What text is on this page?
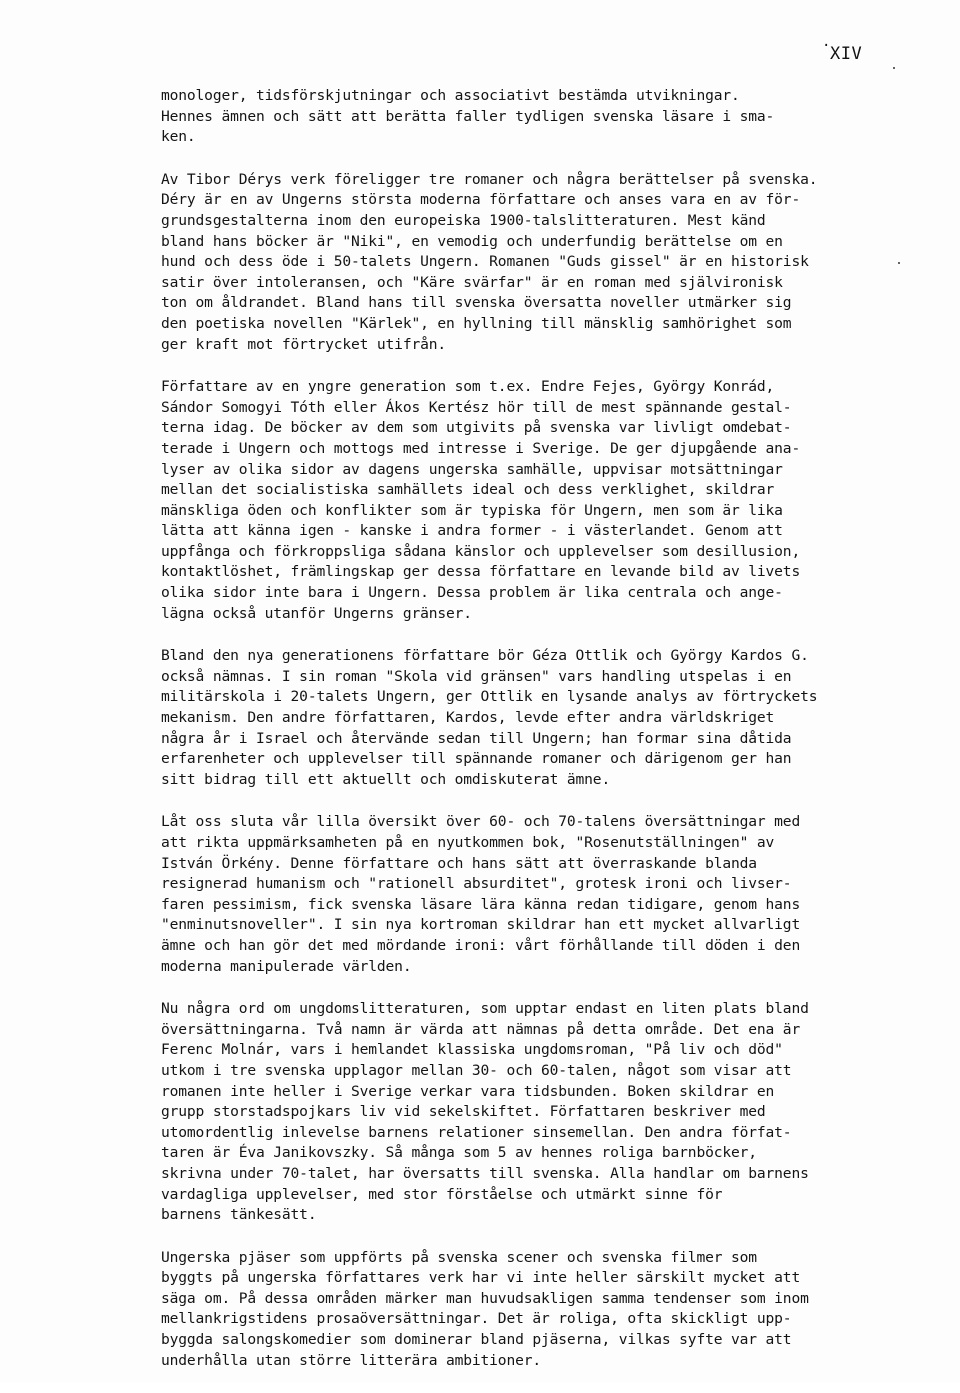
· XIV
monologer, tidsförskjutningar och associativt bestämda utvikningar.
Hennes ämnen och sätt att berätta faller tydligen svenska läsare i sma-
ken.
Av Tibor Dérys verk föreligger tre romaner och några berättelser på svenska.
Déry är en av Ungerns största moderna författare och anses vara en av för-
grundsgestalterna inom den europeiska 1900-talslitteraturen. Mest känd
bland hans böcker är "Niki", en vemodig och underfundig berättelse om en
hund och dess öde i 50-talets Ungern. Romanen "Guds gissel" är en historisk
satir över intoleransen, och "Käre svärfar" är en roman med självironisk
ton om åldrandet. Bland hans till svenska översatta noveller utmärker sig
den poetiska novellen "Kärlek", en hyllning till mänsklig samhörighet som
ger kraft mot förtrycket utifrån.
Författare av en yngre generation som t.ex. Endre Fejes, György Konrád,
Sándor Somogyi Tóth eller Ákos Kertész hör till de mest spännande gestal-
terna idag. De böcker av dem som utgivits på svenska var livligt omdebat-
terade i Ungern och mottogs med intresse i Sverige. De ger djupgående ana-
lyser av olika sidor av dagens ungerska samhälle, uppvisar motsättningar
mellan det socialistiska samhällets ideal och dess verklighet, skildrar
mänskliga öden och konflikter som är typiska för Ungern, men som är lika
lätta att känna igen - kanske i andra former - i västerlandet. Genom att
uppfånga och förkroppsliga sådana känslor och upplevelser som desillusion,
kontaktlöshet, främlingskap ger dessa författare en levande bild av livets
olika sidor inte bara i Ungern. Dessa problem är lika centrala och ange-
lägna också utanför Ungerns gränser.
Bland den nya generationens författare bör Géza Ottlik och György Kardos G.
också nämnas. I sin roman "Skola vid gränsen" vars handling utspelas i en
militärskola i 20-talets Ungern, ger Ottlik en lysande analys av förtryckets
mekanism. Den andre författaren, Kardos, levde efter andra världskriget
några år i Israel och återvände sedan till Ungern; han formar sina dåtida
erfarenheter och upplevelser till spännande romaner och därigenom ger han
sitt bidrag till ett aktuellt och omdiskuterat ämne.
Låt oss sluta vår lilla översikt över 60- och 70-talens översättningar med
att rikta uppmärksamheten på en nyutkommen bok, "Rosenutställningen" av
István Örkény. Denne författare och hans sätt att överraskande blanda
resignerad humanism och "rationell absurditet", grotesk ironi och livser-
faren pessimism, fick svenska läsare lära känna redan tidigare, genom hans
"enminutsnoveller". I sin nya kortroman skildrar han ett mycket allvarligt
ämne och han gör det med mördande ironi: vårt förhållande till döden i den
moderna manipulerade världen.
Nu några ord om ungdomslitteraturen, som upptar endast en liten plats bland
översättningarna. Två namn är värda att nämnas på detta område. Det ena är
Ferenc Molnár, vars i hemlandet klassiska ungdomsroman, "På liv och död"
utkom i tre svenska upplagor mellan 30- och 60-talen, något som visar att
romanen inte heller i Sverige verkar vara tidsbunden. Boken skildrar en
grupp storstadspojkars liv vid sekelskiftet. Författaren beskriver med
utomordentlig inlevelse barnens relationer sinsemellan. Den andra förfat-
taren är Éva Janikovszky. Så många som 5 av hennes roliga barnböcker,
skrivna under 70-talet, har översatts till svenska. Alla handlar om barnens
vardagliga upplevelser, med stor förståelse och utmärkt sinne för
barnens tänkesätt.
Ungerska pjäser som uppförts på svenska scener och svenska filmer som
byggts på ungerska författares verk har vi inte heller särskilt mycket att
säga om. På dessa områden märker man huvudsakligen samma tendenser som inom
mellankrigstidens prosaöversättningar. Det är roliga, ofta skickligt upp-
byggda salongskomedier som dominerar bland pjäserna, vilkas syfte var att
underhålla utan större litterära ambitioner.
